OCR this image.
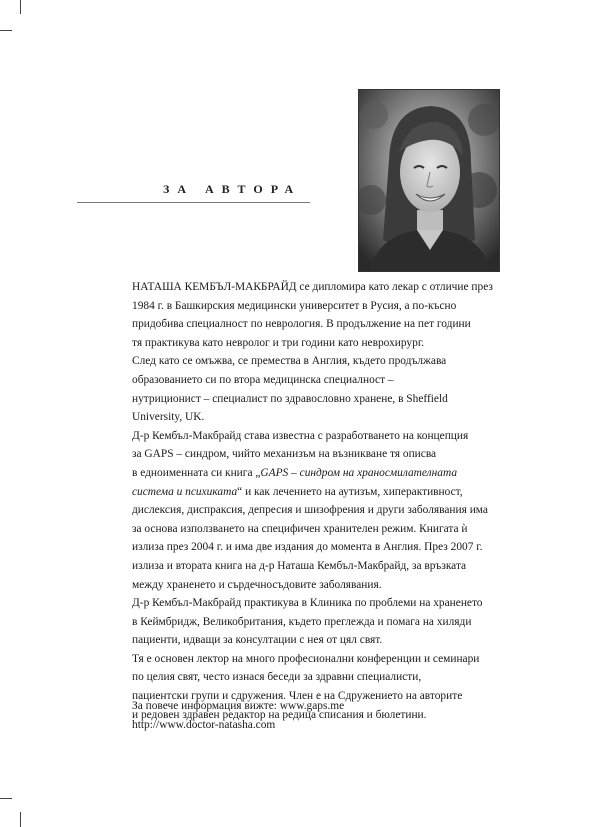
ЗА АВТОРА

НАТАША КЕМБЪЛ-МАКБРАЙД се дипломира като лекар с отличие през
1984 г. в Башкирския медицински университет в Русия, а по-късно
придобива специалност по неврология. В продължение на пет години
тя практикува като невролог и три години като неврохирург.
След като се омъжва, се премества в Англия, където продължава
образованието си по втора медицинска специалност –
нутриционист – специалист по здравословно хранене, в Sheffield
University, UK.
Д-р Кембъл-Макбрайд става известна с разработването на концепция
за GAPS – синдром, чийто механизъм на възникване тя описва
в едноименната си книга „GAPS – синдром на храносмилателната
система и психиката“ и как лечението на аутизъм, хиперактивност,
дислексия, диспраксия, депресия и шизофрения и други заболявания има
за основа използването на специфичен хранителен режим. Книгата ѝ
излиза през 2004 г. и има две издания до момента в Англия. През 2007 г.
излиза и втората книга на д-р Наташа Кембъл-Макбрайд, за връзката
между храненето и сърдечносъдовите заболявания.
Д-р Кембъл-Макбрайд практикува в Клиника по проблеми на храненето
в Кеймбридж, Великобритания, където преглежда и помага на хиляди
пациенти, идващи за консултации с нея от цял свят.
Тя е основен лектор на много професионални конференции и семинари
по целия свят, често изнася беседи за здравни специалисти,
пациентски групи и сдружения. Член е на Сдружението на авторите
и редовен здравен редактор на редица списания и бюлетини.

За повече информация вижте: www.gaps.me
http://www.doctor-natasha.com
